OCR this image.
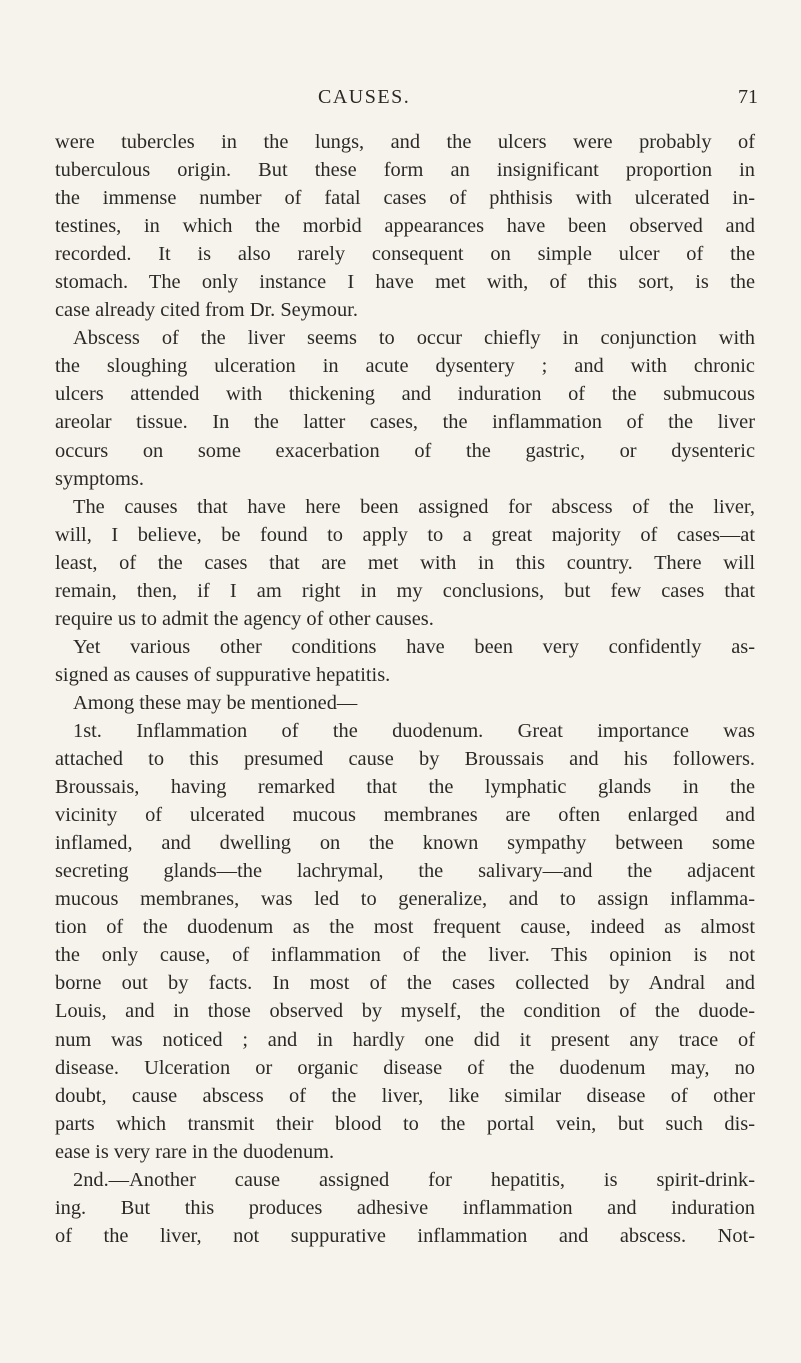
CAUSES.	71
were tubercles in the lungs, and the ulcers were probably of
tuberculous origin. But these form an insignificant proportion in
the immense number of fatal cases of phthisis with ulcerated in-
testines, in which the morbid appearances have been observed and
recorded. It is also rarely consequent on simple ulcer of the
stomach. The only instance I have met with, of this sort, is the
case already cited from Dr. Seymour.
Abscess of the liver seems to occur chiefly in conjunction with
the sloughing ulceration in acute dysentery ; and with chronic
ulcers attended with thickening and induration of the submucous
areolar tissue. In the latter cases, the inflammation of the liver
occurs on some exacerbation of the gastric, or dysenteric
symptoms.
The causes that have here been assigned for abscess of the liver,
will, I believe, be found to apply to a great majority of cases—at
least, of the cases that are met with in this country. There will
remain, then, if I am right in my conclusions, but few cases that
require us to admit the agency of other causes.
Yet various other conditions have been very confidently as-
signed as causes of suppurative hepatitis.
Among these may be mentioned—
1st. Inflammation of the duodenum. Great importance was
attached to this presumed cause by Broussais and his followers.
Broussais, having remarked that the lymphatic glands in the
vicinity of ulcerated mucous membranes are often enlarged and
inflamed, and dwelling on the known sympathy between some
secreting glands—the lachrymal, the salivary—and the adjacent
mucous membranes, was led to generalize, and to assign inflamma-
tion of the duodenum as the most frequent cause, indeed as almost
the only cause, of inflammation of the liver. This opinion is not
borne out by facts. In most of the cases collected by Andral and
Louis, and in those observed by myself, the condition of the duode-
num was noticed ; and in hardly one did it present any trace of
disease. Ulceration or organic disease of the duodenum may, no
doubt, cause abscess of the liver, like similar disease of other
parts which transmit their blood to the portal vein, but such dis-
ease is very rare in the duodenum.
2nd.—Another cause assigned for hepatitis, is spirit-drink-
ing. But this produces adhesive inflammation and induration
of the liver, not suppurative inflammation and abscess. Not-
